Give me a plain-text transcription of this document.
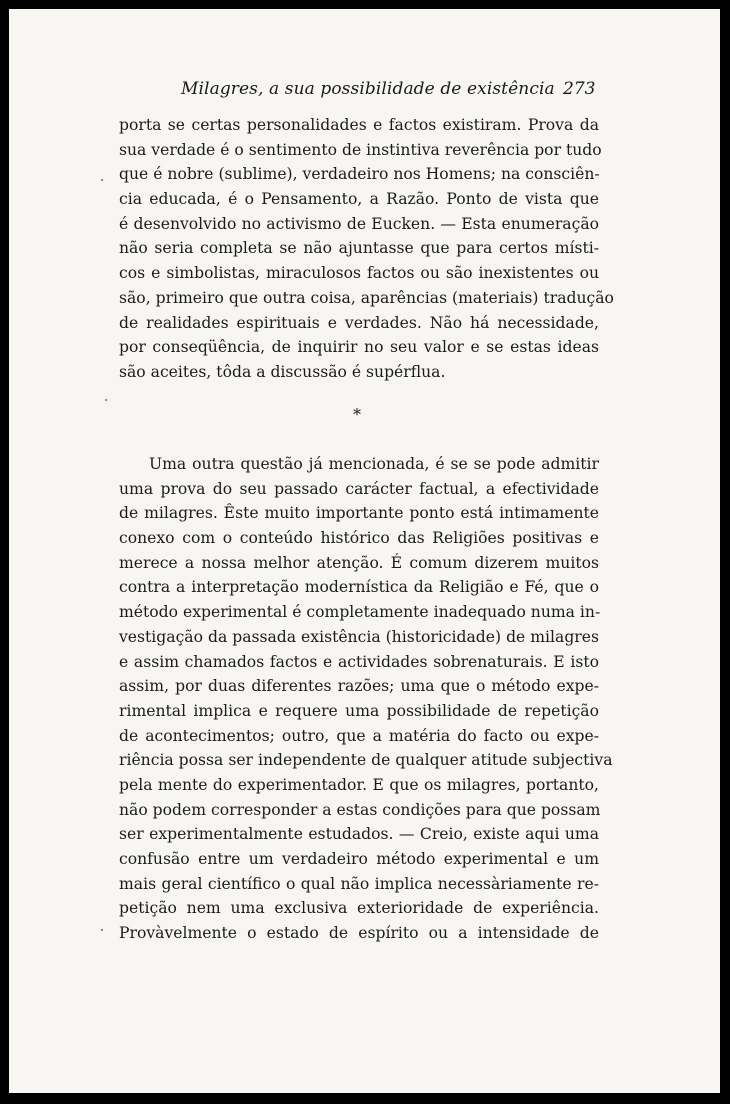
Milagres, a sua possibilidade de existência 273
porta se certas personalidades e factos existiram. Prova da
sua verdade é o sentimento de instintiva reverência por tudo
que é nobre (sublime), verdadeiro nos Homens; na consciên-
cia educada, é o Pensamento, a Razão. Ponto de vista que
é desenvolvido no activismo de Eucken. — Esta enumeração
não seria completa se não ajuntasse que para certos místi-
cos e simbolistas, miraculosos factos ou são inexistentes ou
são, primeiro que outra coisa, aparências (materiais) tradução
de realidades espirituais e verdades. Não há necessidade,
por conseqüência, de inquirir no seu valor e se estas ideas
são aceites, tôda a discussão é supérflua.
*
Uma outra questão já mencionada, é se se pode admitir
uma prova do seu passado carácter factual, a efectividade
de milagres. Êste muito importante ponto está intimamente
conexo com o conteúdo histórico das Religiões positivas e
merece a nossa melhor atenção. É comum dizerem muitos
contra a interpretação modernística da Religião e Fé, que o
método experimental é completamente inadequado numa in-
vestigação da passada existência (historicidade) de milagres
e assim chamados factos e actividades sobrenaturais. E isto
assim, por duas diferentes razões; uma que o método expe-
rimental implica e requere uma possibilidade de repetição
de acontecimentos; outro, que a matéria do facto ou expe-
riência possa ser independente de qualquer atitude subjectiva
pela mente do experimentador. E que os milagres, portanto,
não podem corresponder a estas condições para que possam
ser experimentalmente estudados. — Creio, existe aqui uma
confusão entre um verdadeiro método experimental e um
mais geral científico o qual não implica necessàriamente re-
petição nem uma exclusiva exterioridade de experiência.
Provàvelmente o estado de espírito ou a intensidade de
